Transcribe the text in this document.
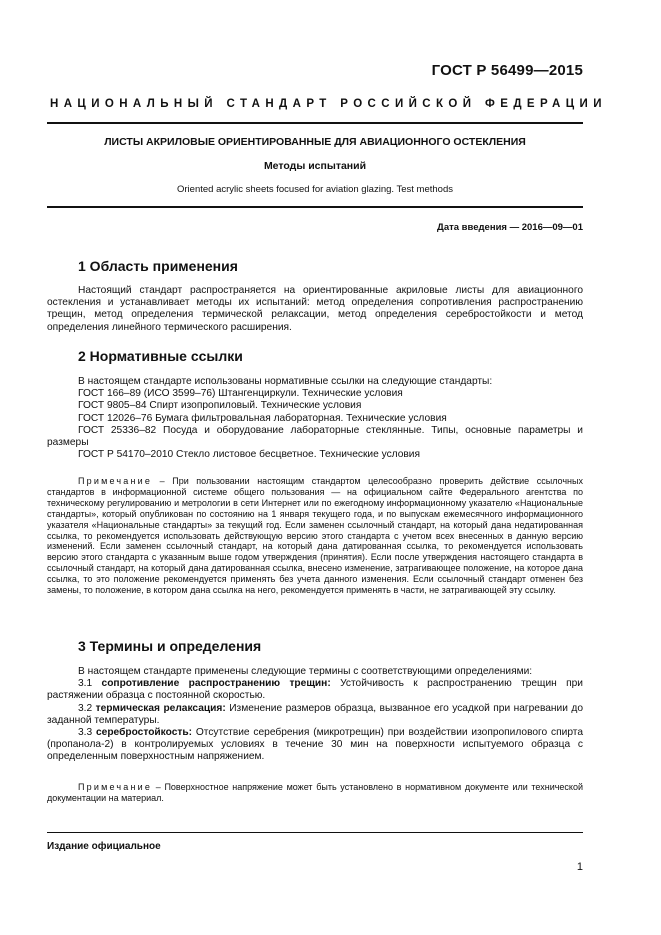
ГОСТ Р 56499—2015
НАЦИОНАЛЬНЫЙ СТАНДАРТ РОССИЙСКОЙ ФЕДЕРАЦИИ
ЛИСТЫ АКРИЛОВЫЕ ОРИЕНТИРОВАННЫЕ ДЛЯ АВИАЦИОННОГО ОСТЕКЛЕНИЯ
Методы испытаний
Oriented acrylic sheets focused for aviation glazing. Test methods
Дата введения — 2016—09—01
1 Область применения

Настоящий стандарт распространяется на ориентированные акриловые листы для авиационного остекления и устанавливает методы их испытаний: метод определения сопротивления распространению трещин, метод определения термической релаксации, метод определения серебростойкости и метод определения линейного термического расширения.

2 Нормативные ссылки

В настоящем стандарте использованы нормативные ссылки на следующие стандарты:

ГОСТ 166–89 (ИСО 3599–76) Штангенциркули. Технические условия

ГОСТ 9805–84 Спирт изопропиловый. Технические условия

ГОСТ 12026–76 Бумага фильтровальная лабораторная. Технические условия

ГОСТ 25336–82 Посуда и оборудование лабораторные стеклянные. Типы, основные параметры и размеры

ГОСТ Р 54170–2010 Стекло листовое бесцветное. Технические условия

Примечание – При пользовании настоящим стандартом целесообразно проверить действие ссылочных стандартов в информационной системе общего пользования — на официальном сайте Федерального агентства по техническому регулированию и метрологии в сети Интернет или по ежегодному информационному указателю «Национальные стандарты», который опубликован по состоянию на 1 января текущего года, и по выпускам ежемесячного информационного указателя «Национальные стандарты» за текущий год. Если заменен ссылочный стандарт, на который дана недатированная ссылка, то рекомендуется использовать действующую версию этого стандарта с учетом всех внесенных в данную версию изменений. Если заменен ссылочный стандарт, на который дана датированная ссылка, то рекомендуется использовать версию этого стандарта с указанным выше годом утверждения (принятия). Если после утверждения настоящего стандарта в ссылочный стандарт, на который дана датированная ссылка, внесено изменение, затрагивающее положение, на которое дана ссылка, то это положение рекомендуется применять без учета данного изменения. Если ссылочный стандарт отменен без замены, то положение, в котором дана ссылка на него, рекомендуется применять в части, не затрагивающей эту ссылку.

3 Термины и определения

В настоящем стандарте применены следующие термины с соответствующими определениями:

3.1 сопротивление распространению трещин: Устойчивость к распространению трещин при растяжении образца с постоянной скоростью.

3.2 термическая релаксация: Изменение размеров образца, вызванное его усадкой при нагревании до заданной температуры.

3.3 серебростойкость: Отсутствие серебрения (микротрещин) при воздействии изопропилового спирта (пропанола-2) в контролируемых условиях в течение 30 мин на поверхности испытуемого образца с определенным поверхностным напряжением.

Примечание – Поверхностное напряжение может быть установлено в нормативном документе или технической документации на материал.

Издание официальное
1
